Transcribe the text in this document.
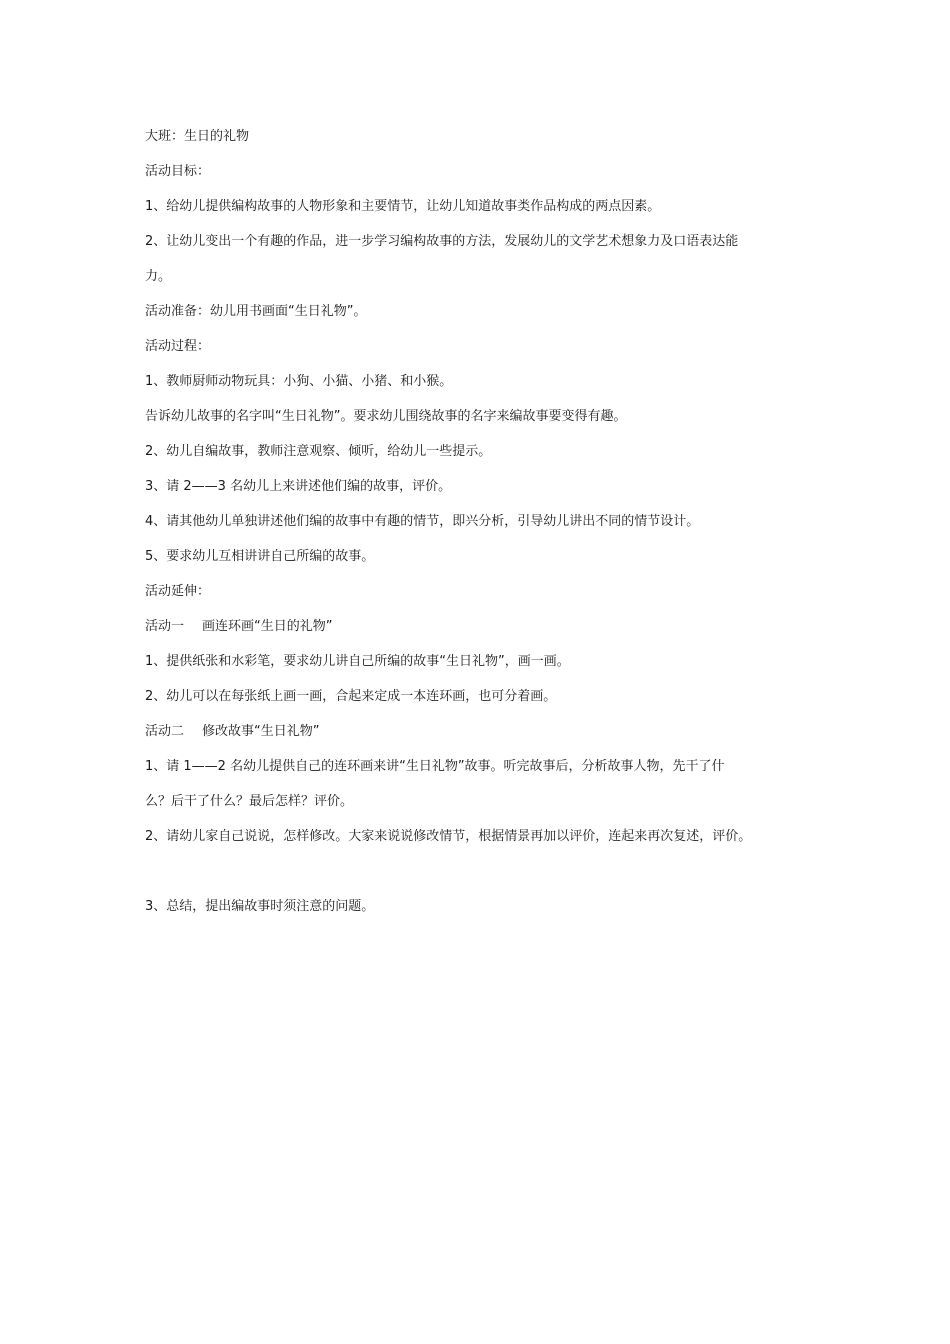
大班：生日的礼物
活动目标：
1、给幼儿提供编构故事的人物形象和主要情节，让幼儿知道故事类作品构成的两点因素。
2、让幼儿变出一个有趣的作品，进一步学习编构故事的方法，发展幼儿的文学艺术想象力及口语表达能
力。
活动准备：幼儿用书画面“生日礼物”。
活动过程：
1、教师厨师动物玩具：小狗、小猫、小猪、和小猴。
告诉幼儿故事的名字叫“生日礼物”。要求幼儿围绕故事的名字来编故事要变得有趣。
2、幼儿自编故事，教师注意观察、倾听，给幼儿一些提示。
3、请 2——3 名幼儿上来讲述他们编的故事，评价。
4、请其他幼儿单独讲述他们编的故事中有趣的情节，即兴分析，引导幼儿讲出不同的情节设计。
5、要求幼儿互相讲讲自己所编的故事。
活动延伸：
活动一 画连环画“生日的礼物”
1、提供纸张和水彩笔，要求幼儿讲自己所编的故事“生日礼物”，画一画。
2、幼儿可以在每张纸上画一画，合起来定成一本连环画，也可分着画。
活动二 修改故事“生日礼物”
1、请 1——2 名幼儿提供自己的连环画来讲“生日礼物”故事。听完故事后，分析故事人物，先干了什
么？后干了什么？最后怎样？评价。
2、请幼儿家自己说说，怎样修改。大家来说说修改情节，根据情景再加以评价，连起来再次复述，评价。
3、总结，提出编故事时须注意的问题。
